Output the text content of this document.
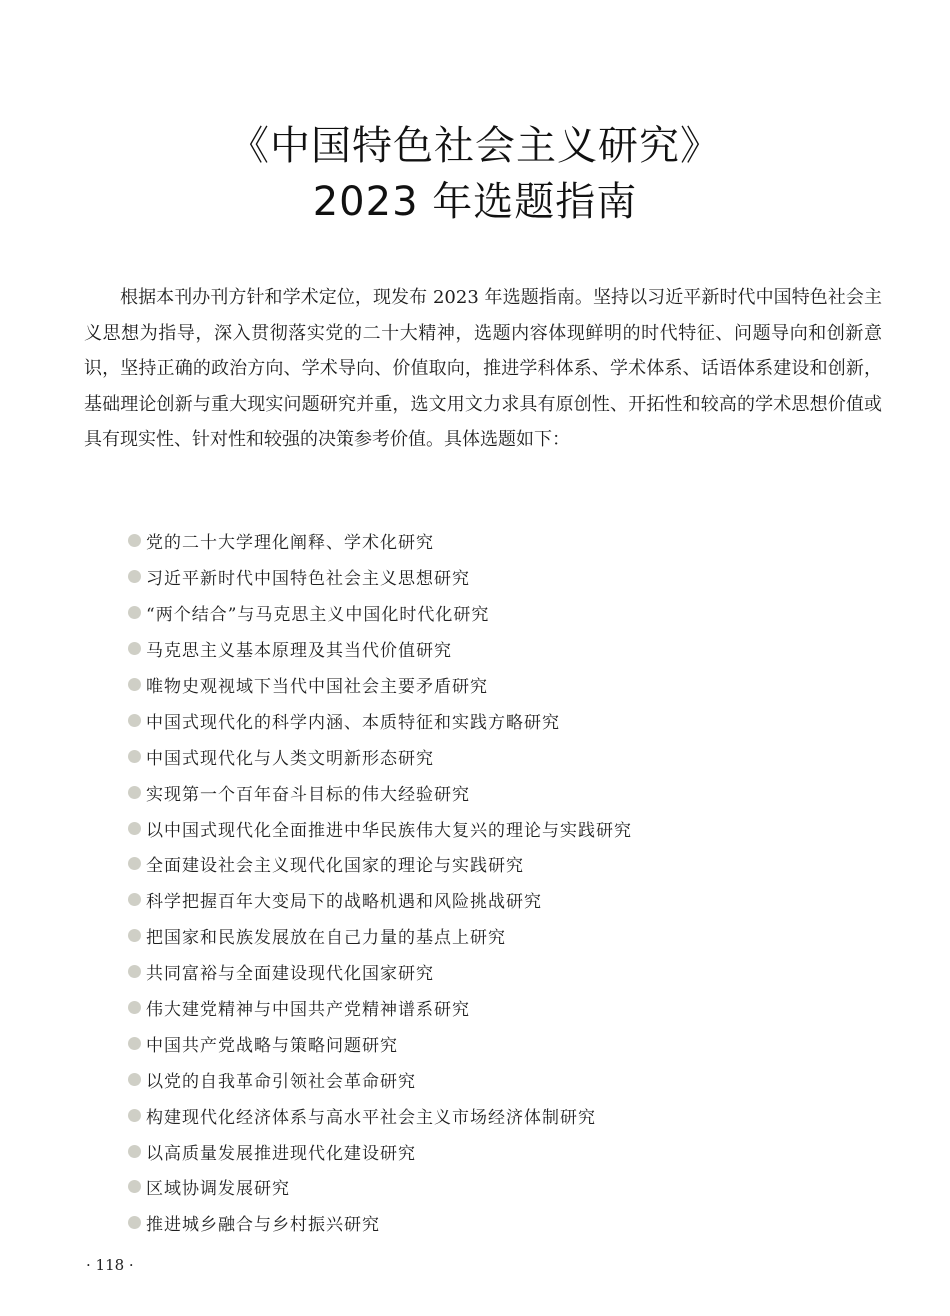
《中国特色社会主义研究》
2023 年选题指南

根据本刊办刊方针和学术定位，现发布 2023 年选题指南。坚持以习近平新时代中国特色社会主义思想为指导，深入贯彻落实党的二十大精神，选题内容体现鲜明的时代特征、问题导向和创新意识，坚持正确的政治方向、学术导向、价值取向，推进学科体系、学术体系、话语体系建设和创新，基础理论创新与重大现实问题研究并重，选文用文力求具有原创性、开拓性和较高的学术思想价值或具有现实性、针对性和较强的决策参考价值。具体选题如下：

党的二十大学理化阐释、学术化研究
习近平新时代中国特色社会主义思想研究
“两个结合”与马克思主义中国化时代化研究
马克思主义基本原理及其当代价值研究
唯物史观视域下当代中国社会主要矛盾研究
中国式现代化的科学内涵、本质特征和实践方略研究
中国式现代化与人类文明新形态研究
实现第一个百年奋斗目标的伟大经验研究
以中国式现代化全面推进中华民族伟大复兴的理论与实践研究
全面建设社会主义现代化国家的理论与实践研究
科学把握百年大变局下的战略机遇和风险挑战研究
把国家和民族发展放在自己力量的基点上研究
共同富裕与全面建设现代化国家研究
伟大建党精神与中国共产党精神谱系研究
中国共产党战略与策略问题研究
以党的自我革命引领社会革命研究
构建现代化经济体系与高水平社会主义市场经济体制研究
以高质量发展推进现代化建设研究
区域协调发展研究
推进城乡融合与乡村振兴研究
· 118 ·
